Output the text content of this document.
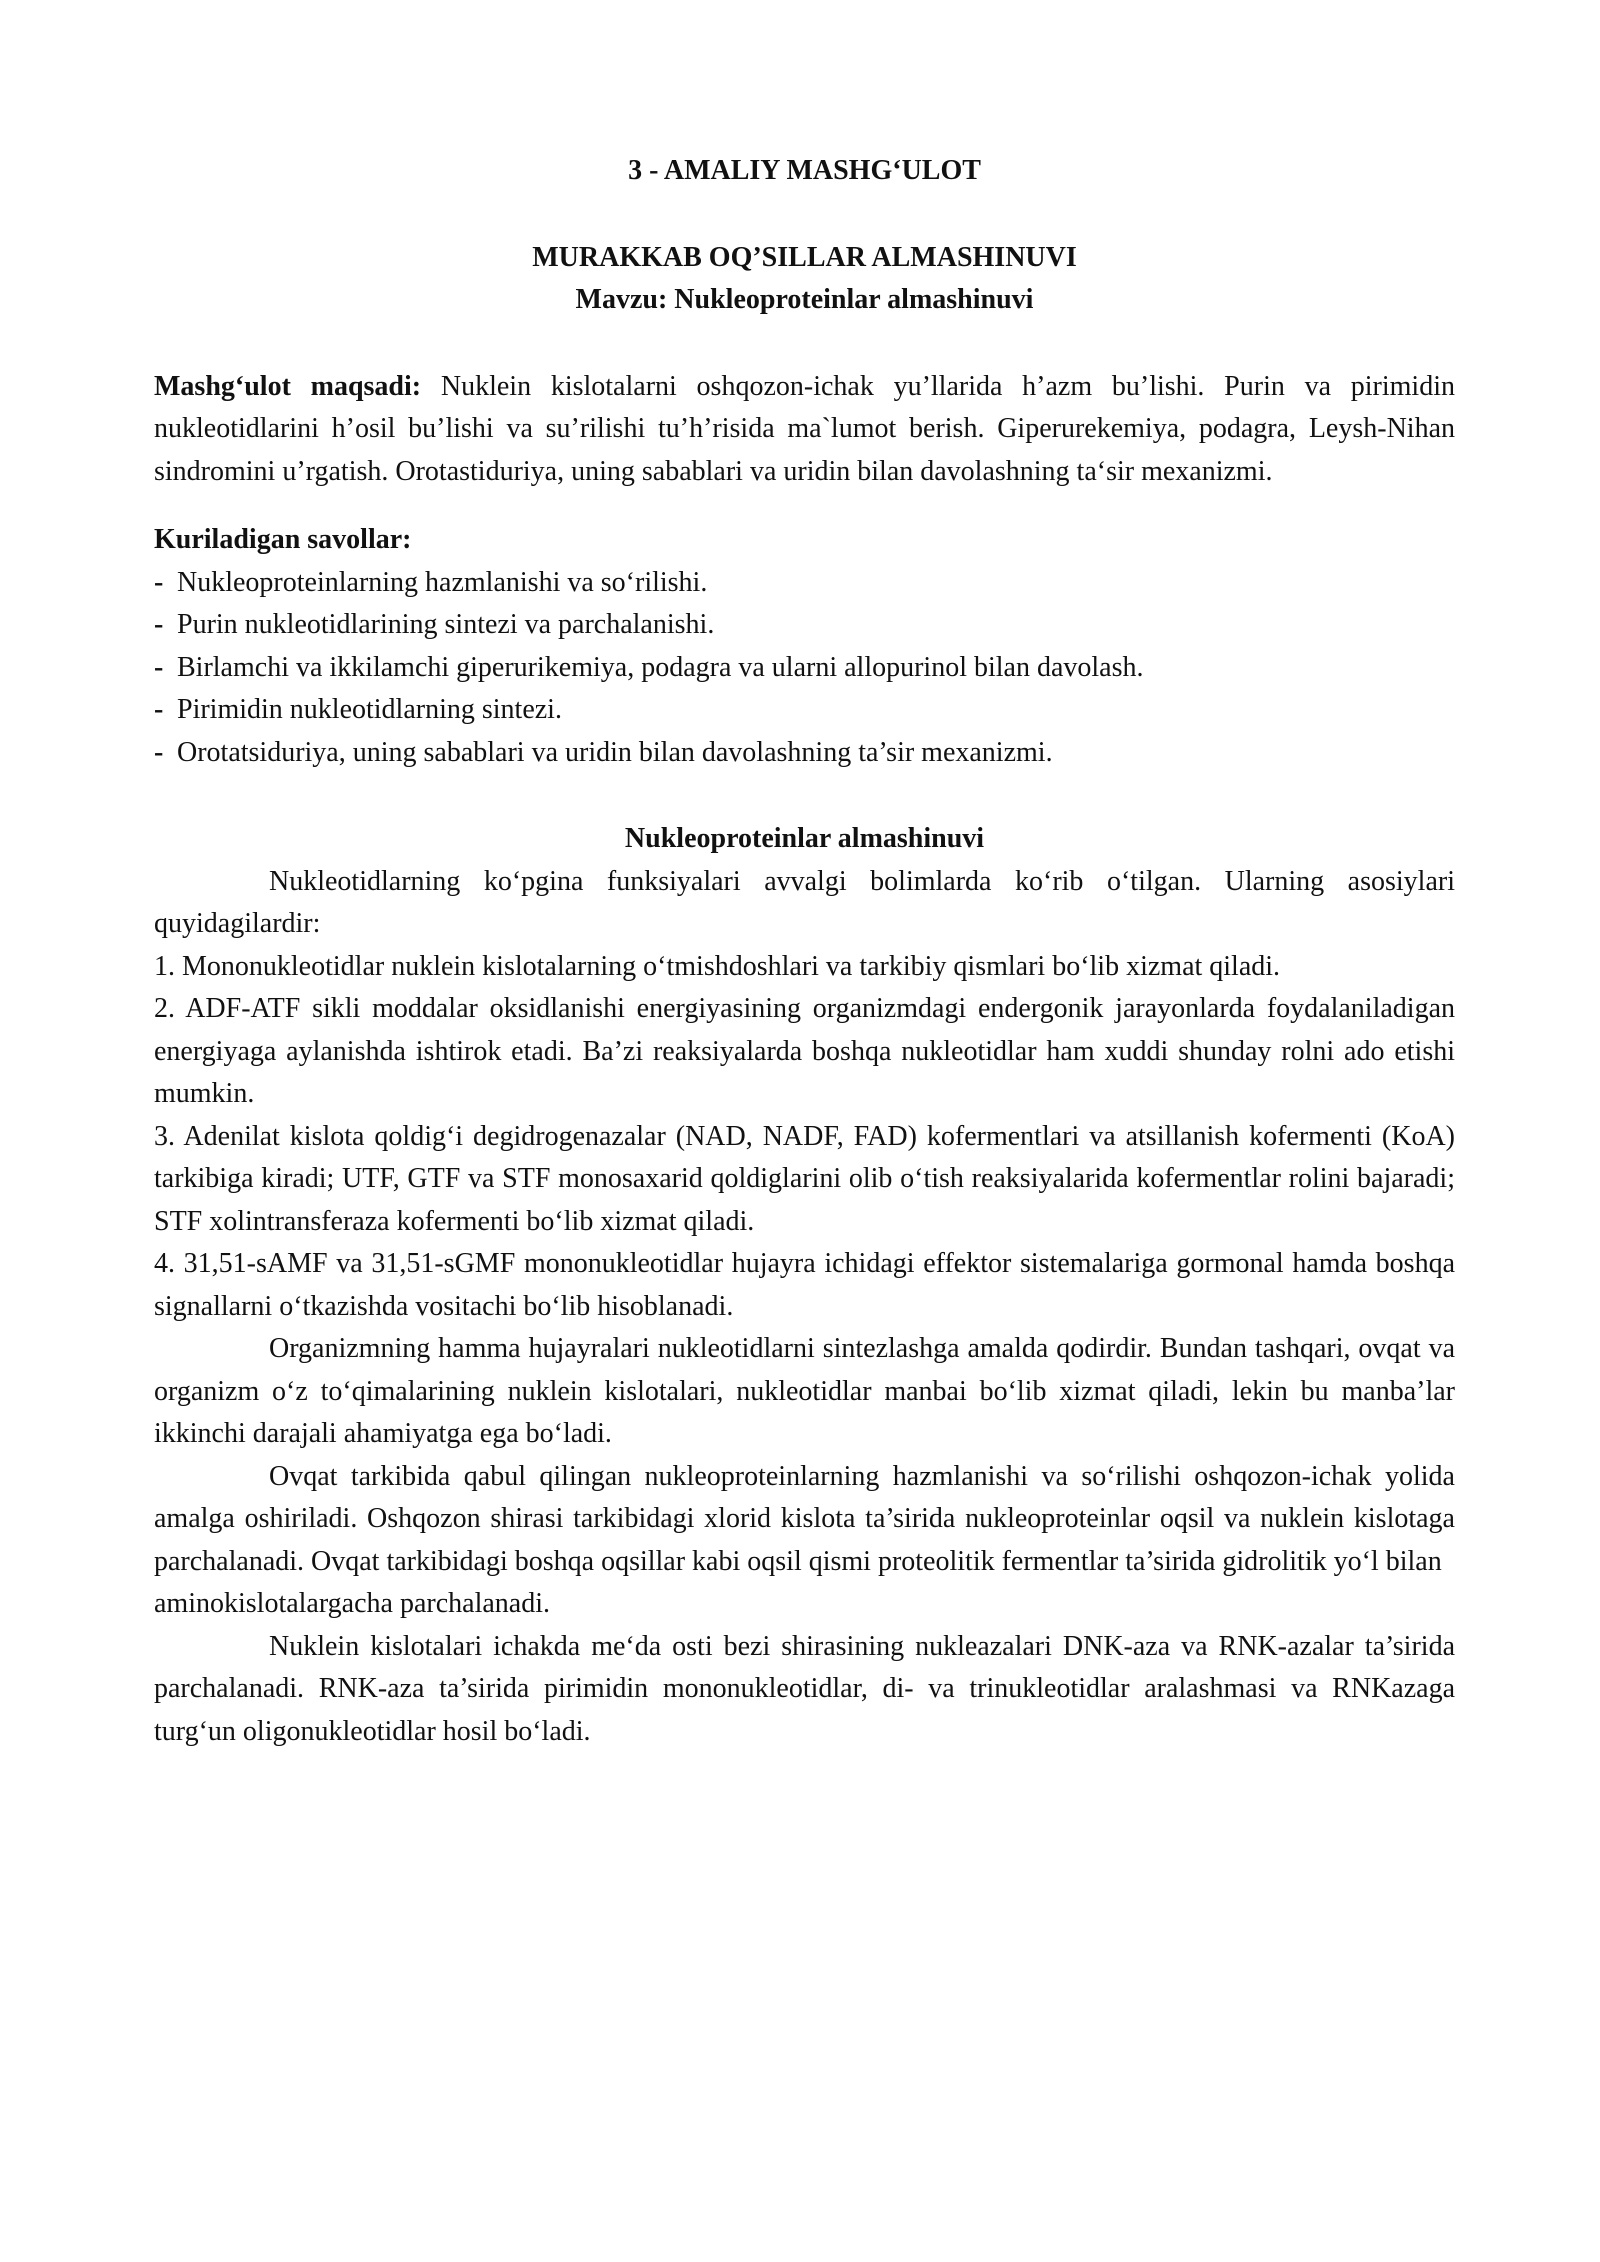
3 - AMALIY MASHG‘ULOT
MURAKKAB OQ’SILLAR ALMASHINUVI
Mavzu: Nukleoproteinlar almashinuvi

Mashg‘ulot maqsadi: Nuklein kislotalarni oshqozon-ichak yu’llarida h’azm bu’lishi. Purin va pirimidin nukleotidlarini h’osil bu’lishi va su’rilishi tu’h’risida ma`lumot berish. Giperurekemiya, podagra, Leysh-Nihan sindromini u’rgatish. Orotastiduriya, uning sabablari va uridin bilan davolashning ta‘sir mexanizmi.

Kuriladigan savollar:
- Nukleoproteinlarning hazmlanishi va so‘rilishi.
- Purin nukleotidlarining sintezi va parchalanishi.
- Birlamchi va ikkilamchi giperurikemiya, podagra va ularni allopurinol bilan davolash.
- Pirimidin nukleotidlarning sintezi.
- Orotatsiduriya, uning sabablari va uridin bilan davolashning ta’sir mexanizmi.
Nukleoproteinlar almashinuvi

Nukleotidlarning ko‘pgina funksiyalari avvalgi bolimlarda ko‘rib o‘tilgan. Ularning asosiylari quyidagilardir:

1. Mononukleotidlar nuklein kislotalarning o‘tmishdoshlari va tarkibiy qismlari bo‘lib xizmat qiladi.

2. ADF-ATF sikli moddalar oksidlanishi energiyasining organizmdagi endergonik jarayonlarda foydalaniladigan energiyaga aylanishda ishtirok etadi. Ba’zi reaksiyalarda boshqa nukleotidlar ham xuddi shunday rolni ado etishi mumkin.

3. Adenilat kislota qoldig‘i degidrogenazalar (NAD, NADF, FAD) kofermentlari va atsillanish kofermenti (KoA) tarkibiga kiradi; UTF, GTF va STF monosaxarid qoldiglarini olib o‘tish reaksiyalarida kofermentlar rolini bajaradi; STF xolintransferaza kofermenti bo‘lib xizmat qiladi.

4. 31,51-sAMF va 31,51-sGMF mononukleotidlar hujayra ichidagi effektor sistemalariga gormonal hamda boshqa signallarni o‘tkazishda vositachi bo‘lib hisoblanadi.

Organizmning hamma hujayralari nukleotidlarni sintezlashga amalda qodirdir. Bundan tashqari, ovqat va organizm o‘z to‘qimalarining nuklein kislotalari, nukleotidlar manbai bo‘lib xizmat qiladi, lekin bu manba’lar ikkinchi darajali ahamiyatga ega bo‘ladi.

Ovqat tarkibida qabul qilingan nukleoproteinlarning hazmlanishi va so‘rilishi oshqozon-ichak yolida amalga oshiriladi. Oshqozon shirasi tarkibidagi xlorid kislota ta’sirida nukleoproteinlar oqsil va nuklein kislotaga parchalanadi. Ovqat tarkibidagi boshqa oqsillar kabi oqsil qismi proteolitik fermentlar ta’sirida gidrolitik yo‘l bilan

aminokislotalargacha parchalanadi.

Nuklein kislotalari ichakda me‘da osti bezi shirasining nukleazalari DNK-aza va RNK-azalar ta’sirida parchalanadi. RNK-aza ta’sirida pirimidin mononukleotidlar, di- va trinukleotidlar aralashmasi va RNKazaga turg‘un oligonukleotidlar hosil bo‘ladi.
